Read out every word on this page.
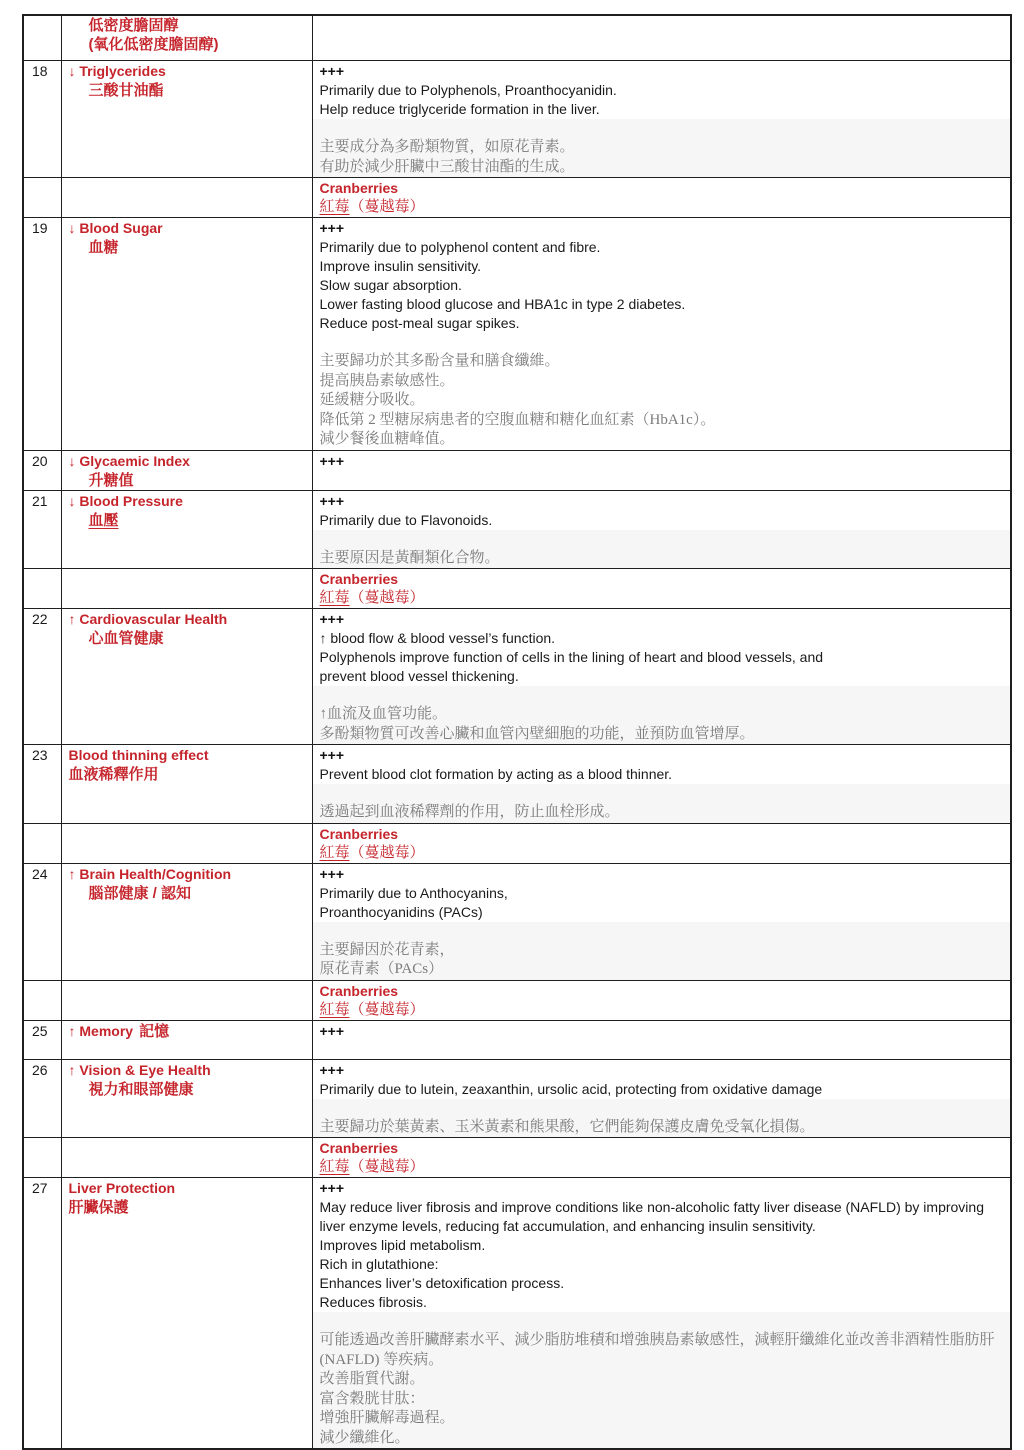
	低密度膽固醇
(氧化低密度膽固醇)	

18	↓ Triglycerides
三酸甘油酯

+++
Primarily due to Polyphenols, Proanthocyanidin.
Help reduce triglyceride formation in the liver.
主要成分為多酚類物質，如原花青素。
有助於減少肝臟中三酸甘油酯的生成。

		Cranberries
紅莓（蔓越莓）

19	↓ Blood Sugar
血糖

+++
Primarily due to polyphenol content and fibre.
Improve insulin sensitivity.
Slow sugar absorption.
Lower fasting blood glucose and HBA1c in type 2 diabetes.
Reduce post-meal sugar spikes.
主要歸功於其多酚含量和膳食纖維。
提高胰島素敏感性。
延緩糖分吸收。
降低第 2 型糖尿病患者的空腹血糖和糖化血紅素（HbA1c）。
減少餐後血糖峰值。

20	↓ Glycaemic Index
升糖值	+++

21	↓ Blood Pressure
血壓

+++
Primarily due to Flavonoids.
主要原因是黃酮類化合物。

		Cranberries
紅莓（蔓越莓）

22	↑ Cardiovascular Health
心血管健康

+++
↑ blood flow & blood vessel’s function.
Polyphenols improve function of cells in the lining of heart and blood vessels, and
prevent blood vessel thickening.
↑血流及血管功能。
多酚類物質可改善心臟和血管內壁細胞的功能，並預防血管增厚。

23	Blood thinning effect
血液稀釋作用

+++
Prevent blood clot formation by acting as a blood thinner.
透過起到血液稀釋劑的作用，防止血栓形成。

		Cranberries
紅莓（蔓越莓）

24	↑ Brain Health/Cognition
腦部健康 / 認知

+++
Primarily due to Anthocyanins,
Proanthocyanidins (PACs)
主要歸因於花青素，
原花青素（PACs）

		Cranberries
紅莓（蔓越莓）

25	↑ Memory 記憶	+++

26	↑ Vision & Eye Health
視力和眼部健康

+++
Primarily due to lutein, zeaxanthin, ursolic acid, protecting from oxidative damage
主要歸功於葉黃素、玉米黃素和熊果酸，它們能夠保護皮膚免受氧化損傷。

		Cranberries
紅莓（蔓越莓）

27	Liver Protection
肝臟保護

+++
May reduce liver fibrosis and improve conditions like non-alcoholic fatty liver disease (NAFLD) by improving liver enzyme levels, reducing fat accumulation, and enhancing insulin sensitivity.
Improves lipid metabolism.
Rich in glutathione:
Enhances liver’s detoxification process.
Reduces fibrosis.
可能透過改善肝臟酵素水平、減少脂肪堆積和增強胰島素敏感性，減輕肝纖維化並改善非酒精性脂肪肝 (NAFLD) 等疾病。
改善脂質代謝。
富含穀胱甘肽：
增強肝臟解毒過程。
減少纖維化。
